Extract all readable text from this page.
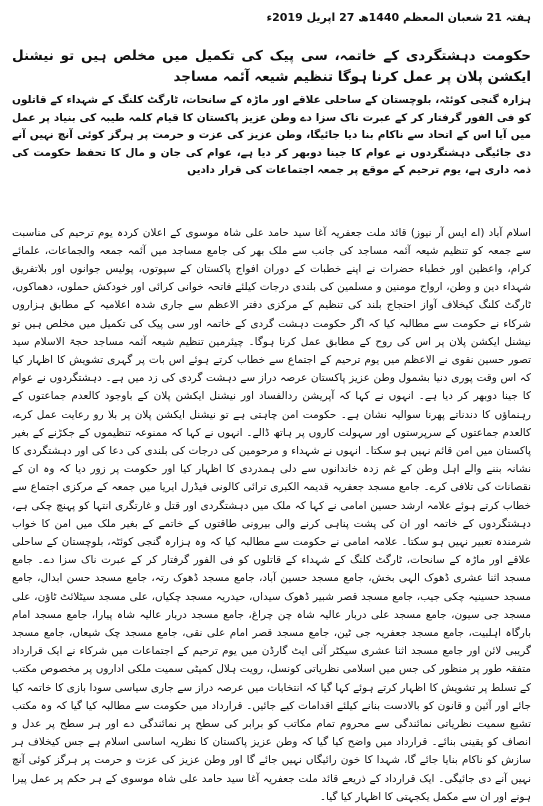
ہفتہ 21 شعبان المعظم 1440ھ 27 اپریل 2019ء
حکومت دہشتگردی کے خاتمہ، سی پیک کی تکمیل میں مخلص ہیں تو نیشنل ایکشن پلان پر عمل کرنا ہوگا تنظیم شیعہ آئمہ مساجد
ہزارہ گنجی کوئٹہ، بلوچستان کے ساحلی علاقے اور ماڑہ کے سانحات، ٹارگٹ کلنگ کے شہداء کے قاتلوں کو فی الفور گرفتار کر کے عبرت ناک سزا دے وطن عزیز پاکستان کا قیام کلمہ طیبہ کی بنیاد پر عمل میں آیا اس کے اتحاد سے ناکام بنا دیا جائیگا، وطن عزیز کی عزت و حرمت پر ہرگز کوئی آنچ نہیں آنے دی جائیگی دہشتگردوں نے عوام کا جینا دوبھر کر دیا ہے، عوام کی جان و مال کا تحفظ حکومت کی ذمہ داری ہے، یوم ترحیم کے موقع پر جمعہ اجتماعات کی قرار دادیں

اسلام آباد (اے ایس آر نیوز) قائد ملت جعفریہ آغا سید حامد علی شاہ موسوی کے اعلان کردہ یوم ترحیم کی مناسبت سے جمعہ کو تنظیم شیعہ آئمہ مساجد کی جانب سے ملک بھر کی جامع مساجد میں آئمہ جمعہ والجماعات، علمائے کرام، واعظین اور خطباء حضرات نے اپنے خطبات کے دوران افواج پاکستان کے سپوتوں، پولیس جوانوں اور بلاتفریق شہداء دین و وطن، ارواح مومنین و مسلمین کی بلندی درجات کیلئے فاتحہ خوانی کرائی اور خودکش حملوں، دھماکوں، ٹارگٹ کلنگ کیخلاف آواز احتجاج بلند کی تنظیم کے مرکزی دفتر الاعظم سے جاری شدہ اعلامیہ کے مطابق ہزاروں شرکاء نے حکومت سے مطالبہ کیا کہ اگر حکومت دہشت گردی کے خاتمہ اور سی پیک کی تکمیل میں مخلص ہیں تو نیشنل ایکشن پلان پر اس کی روح کے مطابق عمل کرنا ہوگا۔ چیئرمین تنظیم شیعہ آئمہ مساجد حجۃ الاسلام سید تصور حسین نقوی نے الاعظم میں یوم ترحیم کے اجتماع سے خطاب کرتے ہوئے اس بات پر گہری تشویش کا اظہار کیا کہ اس وقت پوری دنیا بشمول وطن عزیز پاکستان عرصہ دراز سے دہشت گردی کی زد میں ہے۔ دہشتگردوں نے عوام کا جینا دوبھر کر دیا ہے۔ انہوں نے کہا کہ آپریشن ردالفساد اور نیشنل ایکشن پلان کے باوجود کالعدم جماعتوں کے رہنماؤں کا دندناتے پھرنا سوالیہ نشان ہے۔ حکومت امن چاہتی ہے تو نیشنل ایکشن پلان پر بلا رو رعایت عمل کرے، کالعدم جماعتوں کے سرپرستوں اور سہولت کاروں پر ہاتھ ڈالے۔ انہوں نے کہا کہ ممنوعہ تنظیموں کے جکڑنے کے بغیر پاکستان میں امن قائم نہیں ہو سکتا۔ انہوں نے شہداء و مرحومین کی درجات کی بلندی کی دعا کی اور دہشتگردی کا نشانہ بننے والے اہل وطن کے غم زدہ خاندانوں سے دلی ہمدردی کا اظہار کیا اور حکومت پر زور دیا کہ وہ ان کے نقصانات کی تلافی کرے۔ جامع مسجد جعفریہ قدیمہ الکبری ترائی کالونی فیڈرل ایریا میں جمعہ کے مرکزی اجتماع سے خطاب کرتے ہوئے علامہ ارشد حسین امامی نے کہا کہ ملک میں دہشتگردی اور قتل و غارتگری انتہا کو پہنچ چکی ہے، دہشتگردوں کے خاتمہ اور ان کی پشت پناہی کرنے والی بیرونی طاقتوں کے خاتمے کے بغیر ملک میں امن کا خواب شرمندہ تعبیر نہیں ہو سکتا۔ علامہ امامی نے حکومت سے مطالبہ کیا کہ وہ ہزارہ گنجی کوئٹہ، بلوچستان کے ساحلی علاقے اور ماڑہ کے سانحات، ٹارگٹ کلنگ کے شہداء کے قاتلوں کو فی الفور گرفتار کر کے عبرت ناک سزا دے۔ جامع مسجد اثنا عشری ڈھوک الہی بخش، جامع مسجد حسین آباد، جامع مسجد ڈھوک رتہ، جامع مسجد حسن ابدال، جامع مسجد حسینیہ چکی جیب، جامع مسجد قصر شبیر ڈھوک سیداں، حیدریہ مسجد چکیاں، علی مسجد سیٹلائٹ ٹاؤن، علی مسجد جی سیون، جامع مسجد علی دربار عالیہ شاہ چن چراغ، جامع مسجد دربار عالیہ شاہ پیارا، جامع مسجد امام بارگاہ اہلبیت، جامع مسجد جعفریہ جی ٹین، جامع مسجد قصر امام علی نقی، جامع مسجد چک شیعاں، جامع مسجد گریبی لائن اور جامع مسجد اثنا عشری سیکٹر آئی ایٹ گارڈن میں یوم ترحیم کے اجتماعات میں شرکاء نے ایک قرارداد متفقہ طور پر منظور کی جس میں اسلامی نظریاتی کونسل، رویت ہلال کمیٹی سمیت ملکی اداروں پر مخصوص مکتب کے تسلط پر تشویش کا اظہار کرتے ہوئے کہا گیا کہ انتخابات میں عرصہ دراز سے جاری سیاسی سودا بازی کا خاتمہ کیا جائے اور آئین و قانون کو بالادست بنانے کیلئے اقدامات کیے جائیں۔ قرارداد میں حکومت سے مطالبہ کیا گیا کہ وہ مکتب تشیع سمیت نظریاتی نمائندگی سے محروم تمام مکاتب کو برابر کی سطح پر نمائندگی دے اور ہر سطح پر عدل و انصاف کو یقینی بنائے۔ قرارداد میں واضح کیا گیا کہ وطن عزیز پاکستان کا نظریہ اساسی اسلام ہے جس کیخلاف ہر سازش کو ناکام بنایا جائے گا، شہدا کا خون رائیگاں نہیں جائے گا اور وطن عزیز کی عزت و حرمت پر ہرگز کوئی آنچ نہیں آنے دی جائیگی۔ ایک قرارداد کے ذریعے قائد ملت جعفریہ آغا سید حامد علی شاہ موسوی کے ہر حکم پر عمل پیرا ہونے اور ان سے مکمل یکجہتی کا اظہار کیا گیا۔
